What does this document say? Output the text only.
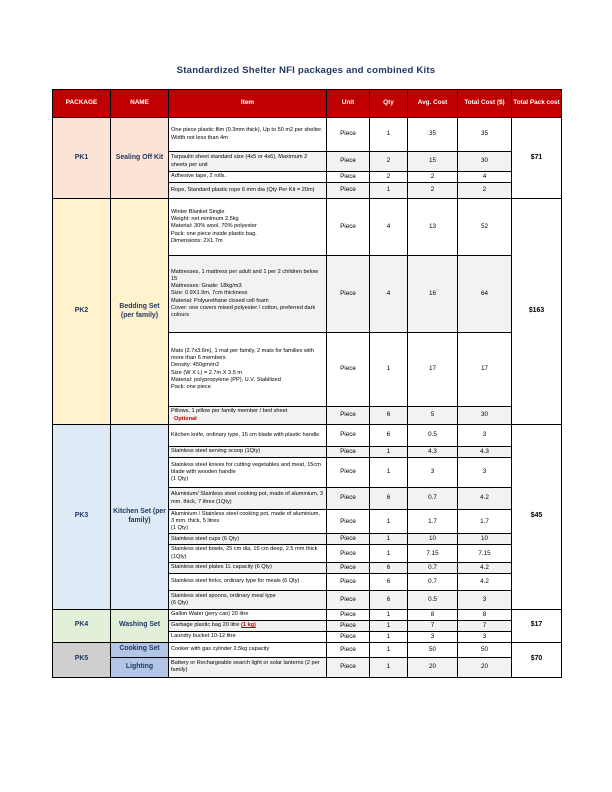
Standardized Shelter NFI packages and combined Kits
PACKAGE	NAME	Item	Unit	Qty	Avg. Cost	Total Cost ($)	Total Pack cost
PK1	Sealing Off Kit	One piece plastic film (0.3mm thick), Up to 50 m2 per shelter. Width not less than 4m	Piece	1	35	35	$71
		Tarpaulin sheet standard size (4x5 or 4x6), Maximum 2 sheets per unit	Piece	2	15	30	
		Adhesive tape, 2 rolls.	Piece	2	2	4	
		Rope, Standard plastic rope 6 mm dia (Qty Per Kit = 20m)	Piece	1	2	2	
PK2	Bedding Set (per family)	Winter Blanket Single
Weight: net minimum 2.5kg
Material: 30% wool, 70% polyester
Pack: one piece inside plastic bag.
Dimensions: 2X1.7m	Piece	4	13	52	$163
		Mattresses, 1 mattress per adult and 1 per 2 children below 15
Mattresses: Grade: 18kg/m3
Size: 0.9X1.9m, 7cm thickness
Material: Polyurethane closed cell foam
Cover: one covers mixed polyester / cotton, preferred dark colours	Piece	4	16	64	
		Mats (2.7x3.6m), 1 mat per family, 2 mats for families with more than 6 members
Density: 450gm/m2
Size (W X L) = 2.7m X 3.5 m
Material: polypropylene (PP), U.V. Stabilized
Pack: one piece	Piece	1	17	17	
		Pillows, 1 pillow per family member / bed sheet
Optional	Piece	6	5	30	
PK3	Kitchen Set (per family)	Kitchen knife, ordinary type, 15 cm blade with plastic handle	Piece	6	0.5	3	$45
		Stainless steel serving scoop (1Qty)	Piece	1	4.3	4.3	
		Stainless steel knives for cutting vegetables and meat, 15cm blade with wooden handle
(1 Qty)	Piece	1	3	3	
		Aluminium/ Stainless steel cooking pot, made of aluminium, 3 mm. thick, 7 litres (1Qty)	Piece	6	0.7	4.2	
		Aluminium / Stainless steel cooking pot, made of aluminium, 3 mm. thick, 5 litres
(1 Qty)	Piece	1	1.7	1.7	
		Stainless steel cups (6 Qty)	Piece	1	10	10	
		Stainless steel bowls, 25 cm dia, 15 cm deep, 2.5 mm thick (1Qty)	Piece	1	7.15	7.15	
		Stainless steel plates 1L capacity (6 Qty)	Piece	6	0.7	4.2	
		Stainless steel forks, ordinary type for meals (6 Qty)	Piece	6	0.7	4.2	
		Stainless steel spoons, ordinary meal type
(6 Qty)	Piece	6	0.5	3	
PK4	Washing Set	Gallon Water (jerry can) 20 litre	Piece	1	8	8	$17
		Garbage plastic bag 20 litre (1 kg)	Piece	1	7	7	
		Laundry bucket 10-12 litre	Piece	1	3	3	
PK5	Cooking Set	Cooker with gas cylinder 2.5kg capacity	Piece	1	50	50	$70
	Lighting	Battery or Rechargeable search light or solar lanterns (2 per family)	Piece	1	20	20	
